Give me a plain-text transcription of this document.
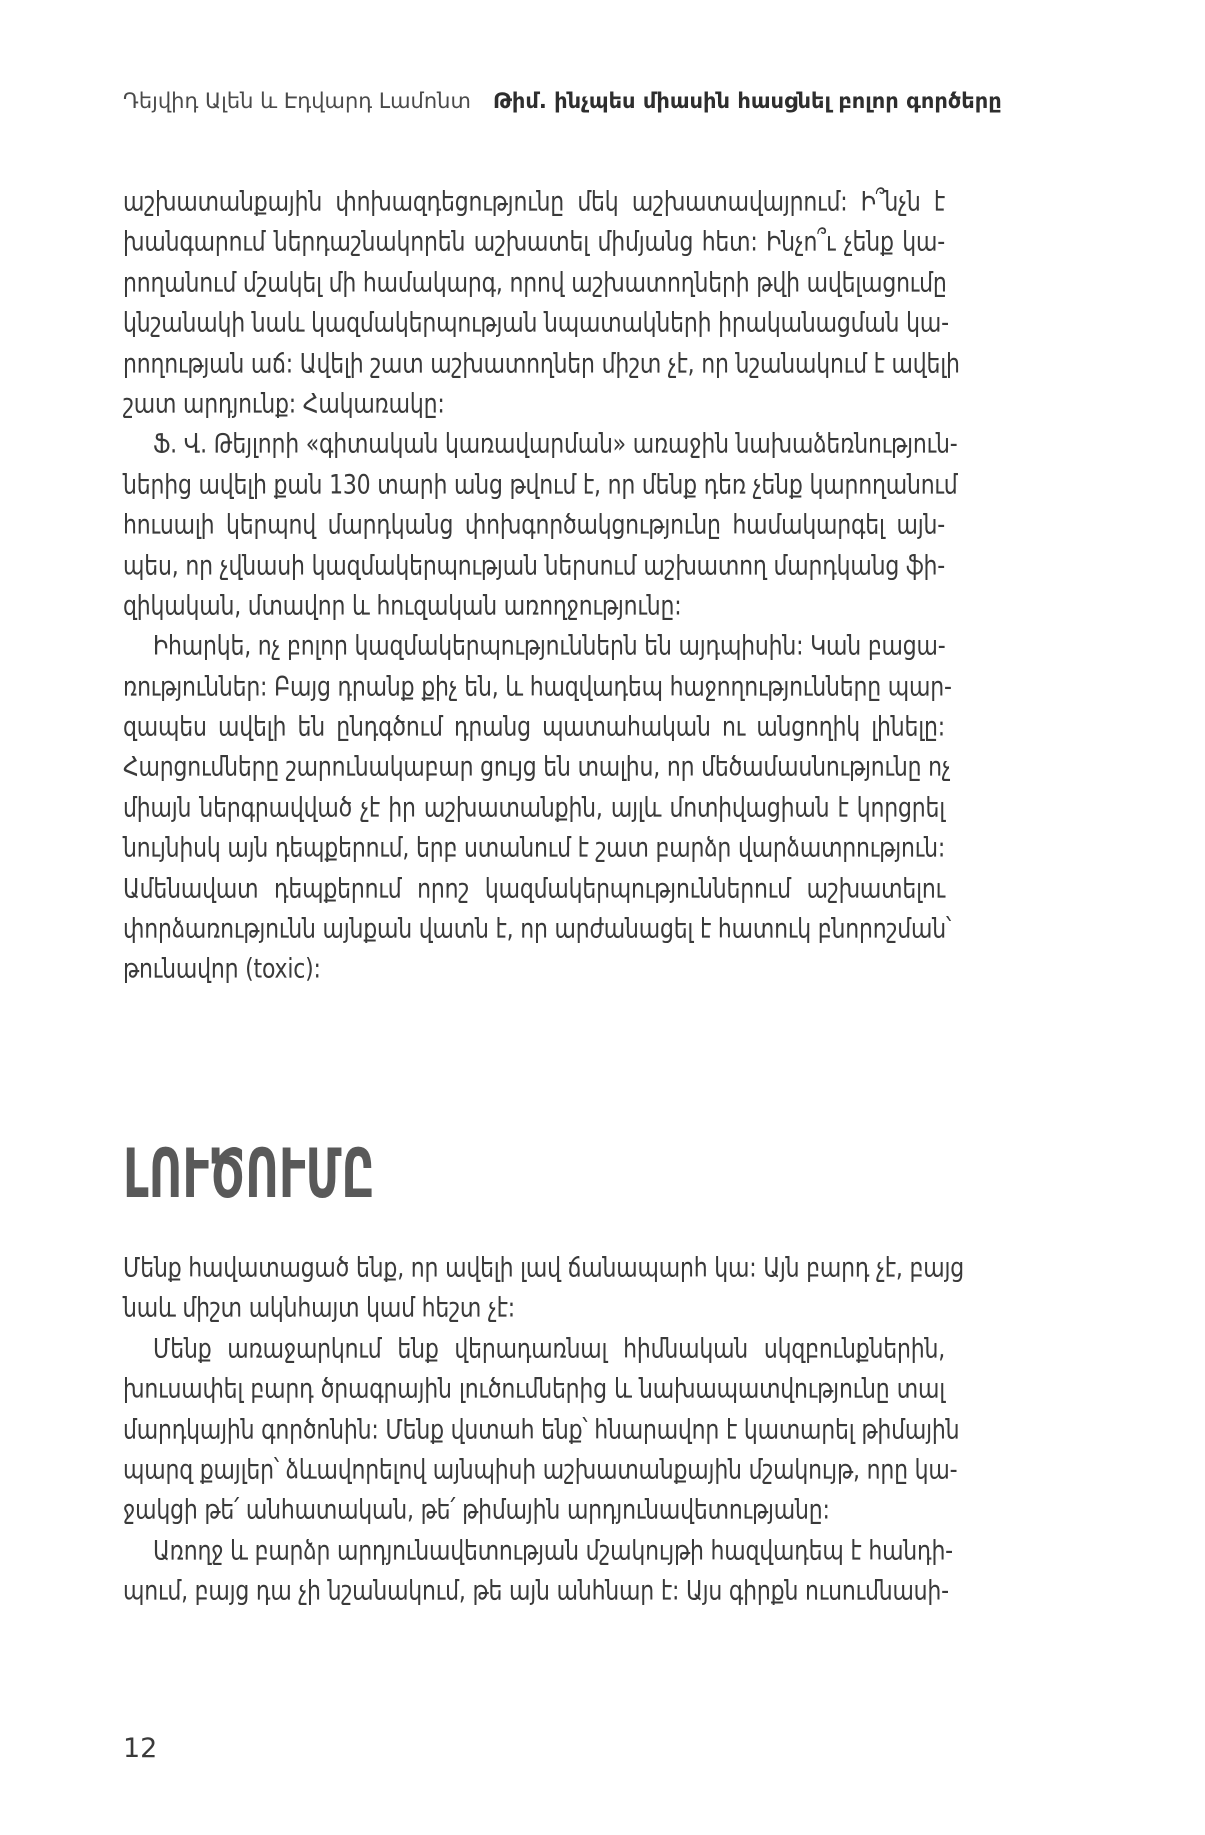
Դեյվիդ Ալեն և Էդվարդ Լամոնտ Թիմ. ինչպես միասին հասցնել բոլոր գործերը
աշխատանքային փոխազդեցությունը մեկ աշխատավայրում: Ի՞նչն է
խանգարում ներդաշնակորեն աշխատել միմյանց հետ: Ինչո՞ւ չենք կա-
րողանում մշակել մի համակարգ, որով աշխատողների թվի ավելացումը
կնշանակի նաև կազմակերպության նպատակների իրականացման կա-
րողության աճ: Ավելի շատ աշխատողներ միշտ չէ, որ նշանակում է ավելի
շատ արդյունք: Հակառակը:
Ֆ. Վ. Թեյլորի «գիտական կառավարման» առաջին նախաձեռնություն-
ներից ավելի քան 130 տարի անց թվում է, որ մենք դեռ չենք կարողանում
հուսալի կերպով մարդկանց փոխգործակցությունը համակարգել այն-
պես, որ չվնասի կազմակերպության ներսում աշխատող մարդկանց ֆի-
զիկական, մտավոր և հուզական առողջությունը:
Իհարկե, ոչ բոլոր կազմակերպություններն են այդպիսին: Կան բացա-
ռություններ: Բայց դրանք քիչ են, և հազվադեպ հաջողությունները պար-
զապես ավելի են ընդգծում դրանց պատահական ու անցողիկ լինելը:
Հարցումները շարունակաբար ցույց են տալիս, որ մեծամասնությունը ոչ
միայն ներգրավված չէ իր աշխատանքին, այլև մոտիվացիան է կորցրել
նույնիսկ այն դեպքերում, երբ ստանում է շատ բարձր վարձատրություն:
Ամենավատ դեպքերում որոշ կազմակերպություններում աշխատելու
փորձառությունն այնքան վատն է, որ արժանացել է հատուկ բնորոշման՝
թունավոր (toxic):
ԼՈՒԾՈՒՄԸ
Մենք հավատացած ենք, որ ավելի լավ ճանապարհ կա: Այն բարդ չէ, բայց
նաև միշտ ակնհայտ կամ հեշտ չէ:
Մենք առաջարկում ենք վերադառնալ հիմնական սկզբունքներին,
խուսափել բարդ ծրագրային լուծումներից և նախապատվությունը տալ
մարդկային գործոնին: Մենք վստահ ենք՝ հնարավոր է կատարել թիմային
պարզ քայլեր՝ ձևավորելով այնպիսի աշխատանքային մշակույթ, որը կա-
ջակցի թե՛ անհատական, թե՛ թիմային արդյունավետությանը:
Առողջ և բարձր արդյունավետության մշակույթի հազվադեպ է հանդի-
պում, բայց դա չի նշանակում, թե այն անհնար է: Այս գիրքն ուսումնասի-
12
